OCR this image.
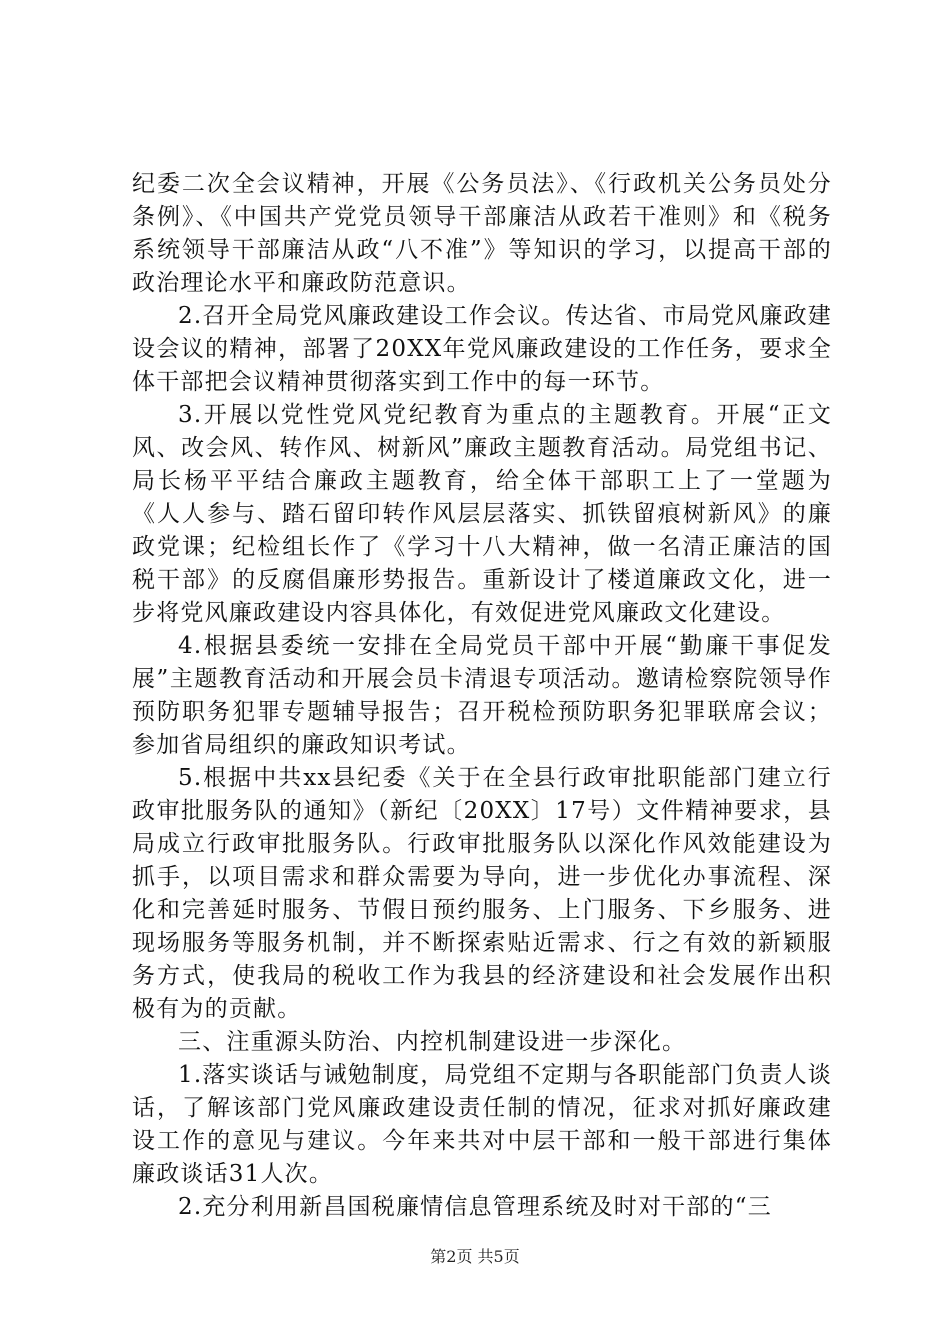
纪委二次全会议精神，开展《公务员法》、《行政机关公务员处分条例》、《中国共产党党员领导干部廉洁从政若干准则》和《税务系统领导干部廉洁从政“八不准”》等知识的学习，以提高干部的政治理论水平和廉政防范意识。

2.召开全局党风廉政建设工作会议。传达省、市局党风廉政建设会议的精神，部署了20XX年党风廉政建设的工作任务，要求全体干部把会议精神贯彻落实到工作中的每一环节。

3.开展以党性党风党纪教育为重点的主题教育。开展“正文风、改会风、转作风、树新风”廉政主题教育活动。局党组书记、局长杨平平结合廉政主题教育，给全体干部职工上了一堂题为《人人参与、踏石留印转作风层层落实、抓铁留痕树新风》的廉政党课；纪检组长作了《学习十八大精神，做一名清正廉洁的国税干部》的反腐倡廉形势报告。重新设计了楼道廉政文化，进一步将党风廉政建设内容具体化，有效促进党风廉政文化建设。

4.根据县委统一安排在全局党员干部中开展“勤廉干事促发展”主题教育活动和开展会员卡清退专项活动。邀请检察院领导作预防职务犯罪专题辅导报告；召开税检预防职务犯罪联席会议；参加省局组织的廉政知识考试。

5.根据中共xx县纪委《关于在全县行政审批职能部门建立行政审批服务队的通知》（新纪〔20XX〕17号）文件精神要求，县局成立行政审批服务队。行政审批服务队以深化作风效能建设为抓手，以项目需求和群众需要为导向，进一步优化办事流程、深化和完善延时服务、节假日预约服务、上门服务、下乡服务、进现场服务等服务机制，并不断探索贴近需求、行之有效的新颖服务方式，使我局的税收工作为我县的经济建设和社会发展作出积极有为的贡献。

三、注重源头防治、内控机制建设进一步深化。

1.落实谈话与诫勉制度，局党组不定期与各职能部门负责人谈话，了解该部门党风廉政建设责任制的情况，征求对抓好廉政建设工作的意见与建议。今年来共对中层干部和一般干部进行集体廉政谈话31人次。

2.充分利用新昌国税廉情信息管理系统及时对干部的“三

第2页 共5页
